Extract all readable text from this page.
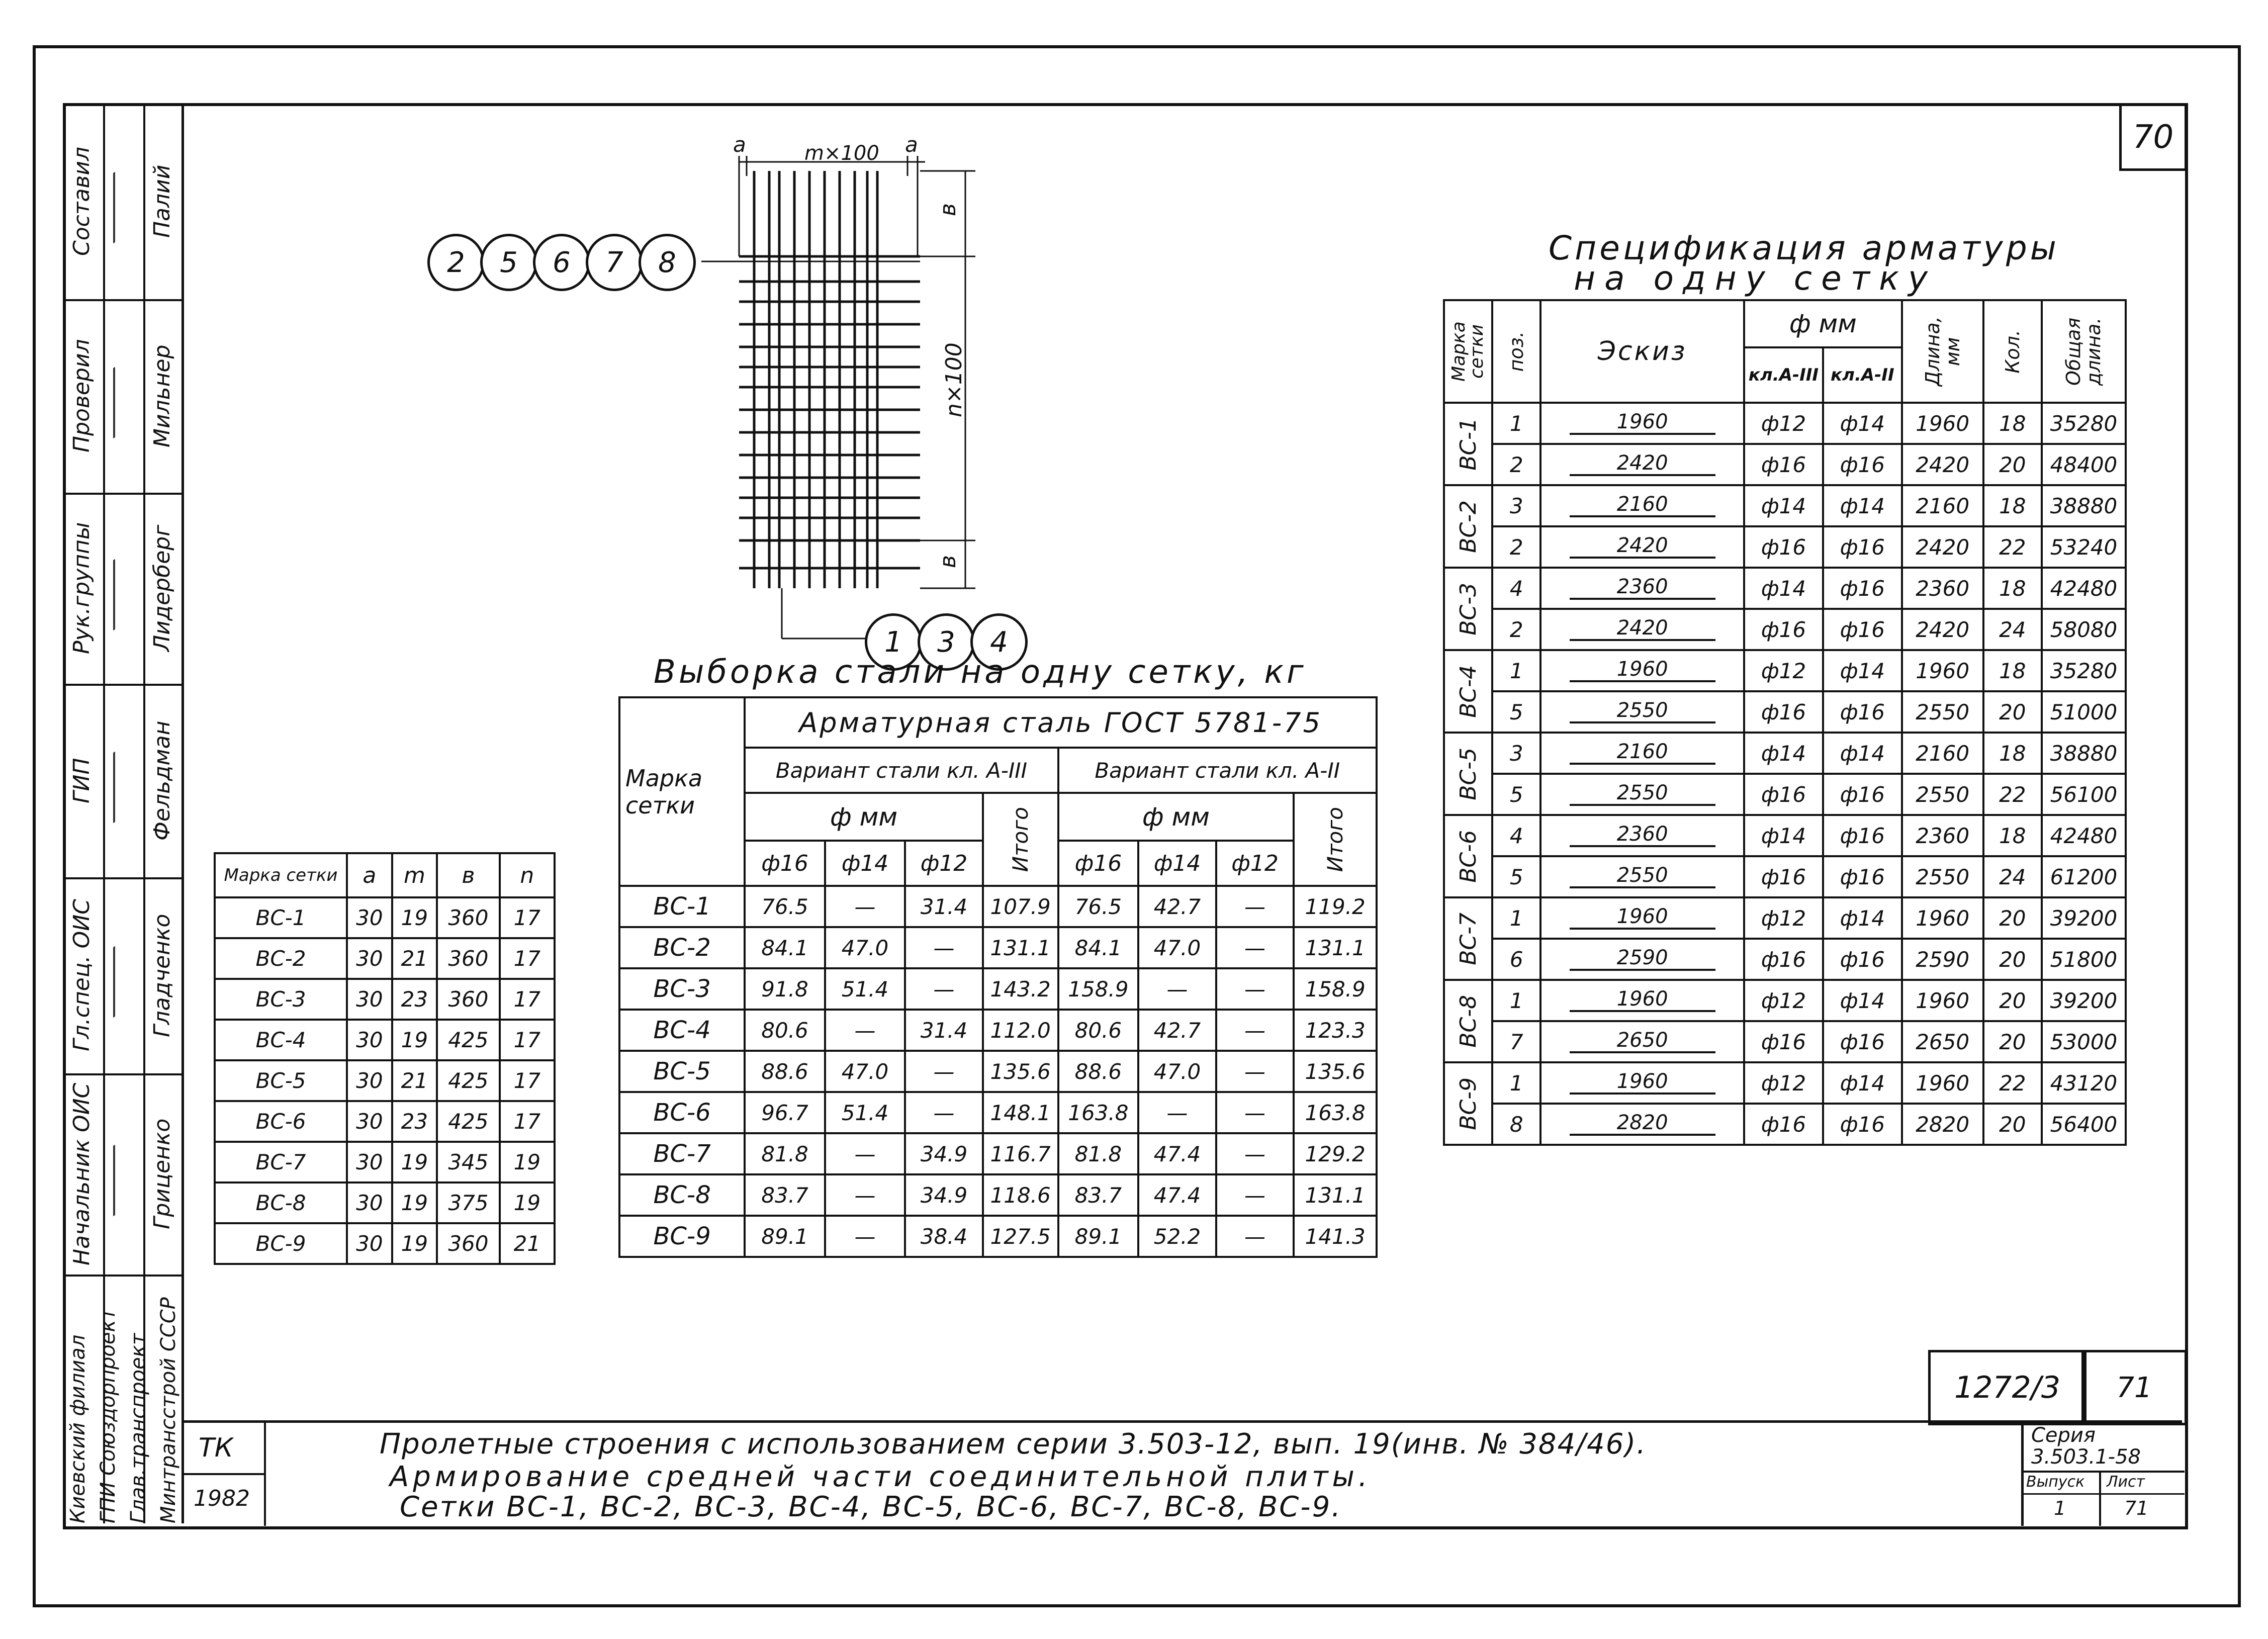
70
Составил Палий
Проверил Мильнер
Рук.группы Лидерберг
ГИП Фельдман
Гл.спец. ОИС Гладченко
Начальник ОИС Гриценко
Минтрансстрой СССР
Глав.транспроект
ГПИ Союздорпроект
Киевский филиал	ТК
1982
Пролетные строения с использованием серии 3.503-12, вып. 19(инв. № 384/46).
Армирование средней части соединительной плиты.
Сетки ВС-1, ВС-2, ВС-3, ВС-4, ВС-5, ВС-6, ВС-7, ВС-8, ВС-9.
Серия
3.503.1-58
Выпуск Лист
1	71
1272/3 71
a	m×100 a
в
n×100
в
2	5	6	7	8
1	3	4
Марка сетки	a	m	в	n
ВС-1	30	19	360	17
ВС-2	30	21	360	17
ВС-3	30	23	360	17
ВС-4	30	19	425	17
ВС-5	30	21	425	17
ВС-6	30	23	425	17
ВС-7	30	19	345	19
ВС-8	30	19	375	19
ВС-9	30	19	360	21
Выборка стали на одну сетку, кг
Марка сетки	Арматурная сталь ГОСТ 5781-75							
	Вариант стали кл. А-III				Вариант стали кл. А-II			
	ф мм			Итого	ф мм			Итого

	ф16	ф14	ф12		ф16	ф14	ф12	
ВС-1	76.5	—	31.4	107.9	76.5	42.7	—	119.2
ВС-2	84.1	47.0	—	131.1	84.1	47.0	—	131.1
ВС-3	91.8	51.4	—	143.2	158.9	—	—	158.9
ВС-4	80.6	—	31.4	112.0	80.6	42.7	—	123.3
ВС-5	88.6	47.0	—	135.6	88.6	47.0	—	135.6
ВС-6	96.7	51.4	—	148.1	163.8	—	—	163.8
ВС-7	81.8	—	34.9	116.7	81.8	47.4	—	129.2
ВС-8	83.7	—	34.9	118.6	83.7	47.4	—	131.1
ВС-9	89.1	—	38.4	127.5	89.1	52.2	—	141.3
Спецификация арматуры
на одну сетку
Марка сетки	поз.	Эскиз	ф мм		Длина, мм	Кол.	Общая длина.

			кл.А-III	кл.А-II			

ВС-1	1	1960	ф12	ф14	1960	18	35280
	2	2420	ф16	ф16	2420	20	48400

ВС-2	3	2160	ф14	ф14	2160	18	38880
	2	2420	ф16	ф16	2420	22	53240

ВС-3	4	2360	ф14	ф16	2360	18	42480
	2	2420	ф16	ф16	2420	24	58080

ВС-4	1	1960	ф12	ф14	1960	18	35280
	5	2550	ф16	ф16	2550	20	51000

ВС-5	3	2160	ф14	ф14	2160	18	38880
	5	2550	ф16	ф16	2550	22	56100

ВС-6	4	2360	ф14	ф16	2360	18	42480
	5	2550	ф16	ф16	2550	24	61200

ВС-7	1	1960	ф12	ф14	1960	20	39200
	6	2590	ф16	ф16	2590	20	51800

ВС-8	1	1960	ф12	ф14	1960	20	39200
	7	2650	ф16	ф16	2650	20	53000

ВС-9	1	1960	ф12	ф14	1960	22	43120
	8	2820	ф16	ф16	2820	20	56400
